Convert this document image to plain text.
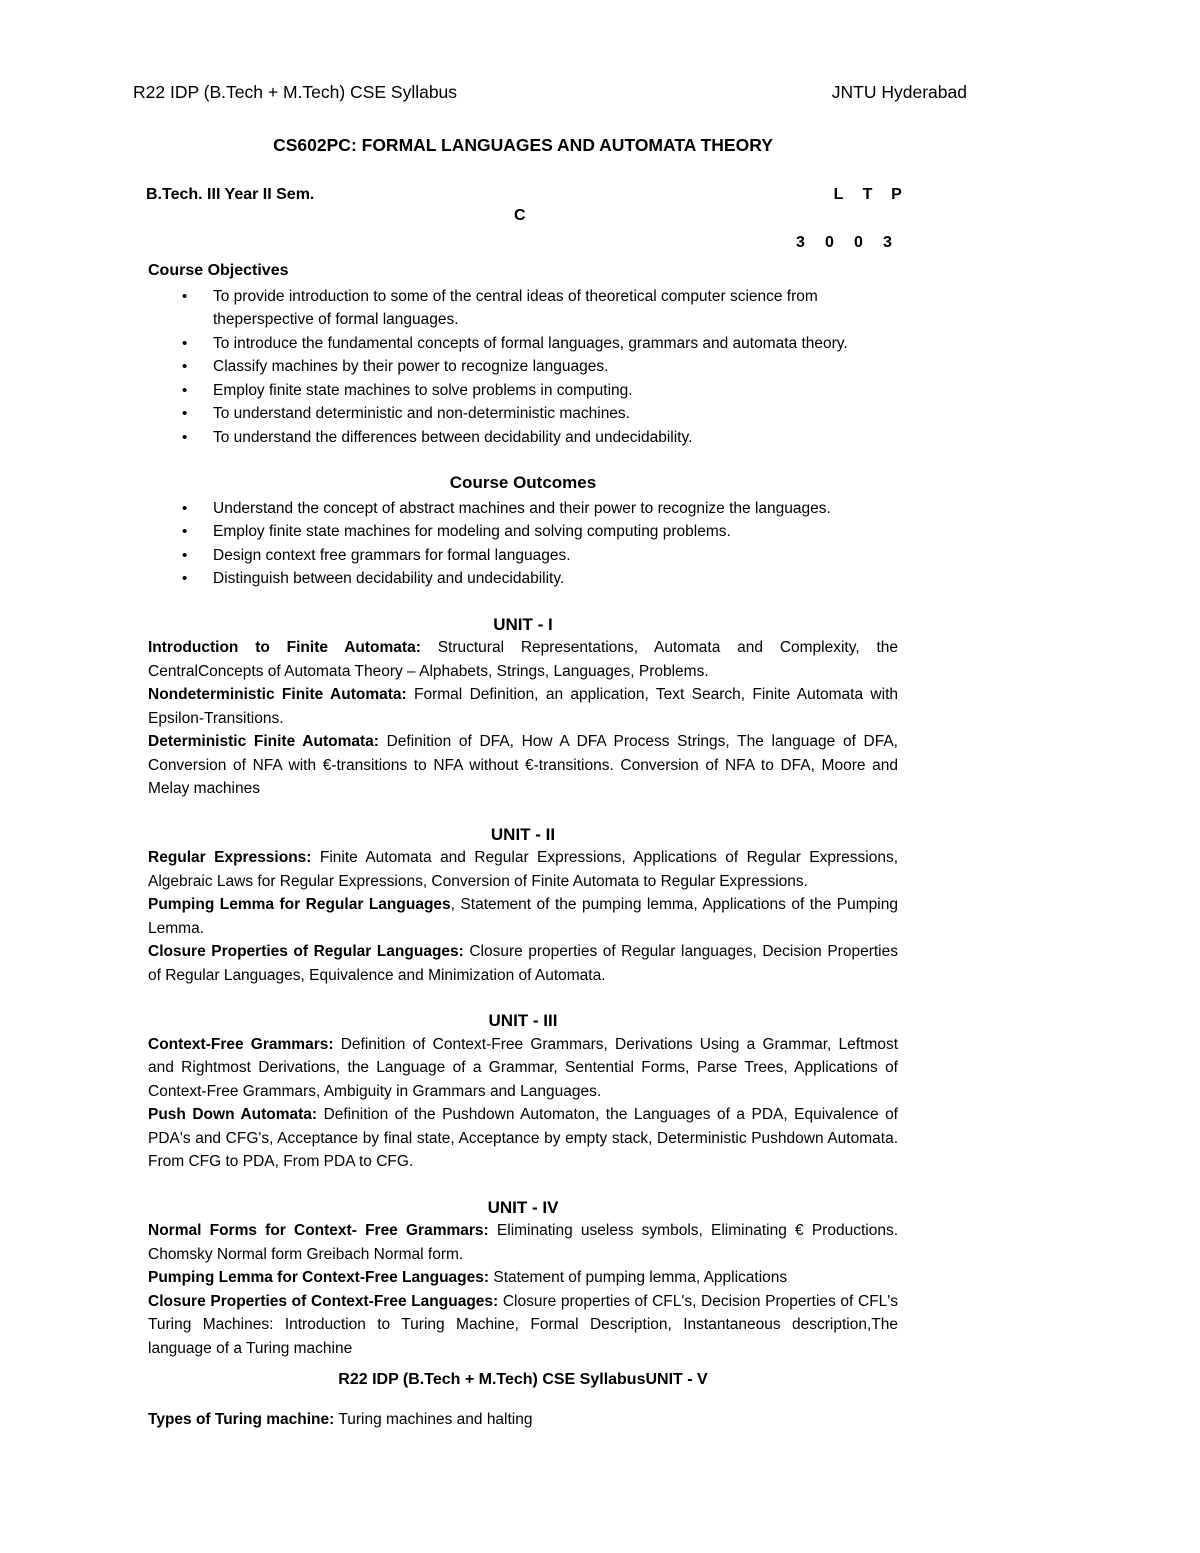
R22 IDP (B.Tech + M.Tech) CSE Syllabus	JNTU Hyderabad
CS602PC: FORMAL LANGUAGES AND AUTOMATA THEORY
B.Tech. III Year II Sem.	L T P
C
3 0 0 3

Course Objectives

• To provide introduction to some of the central ideas of theoretical computer science from theperspective of formal languages.
• To introduce the fundamental concepts of formal languages, grammars and automata theory.
• Classify machines by their power to recognize languages.
• Employ finite state machines to solve problems in computing.
• To understand deterministic and non-deterministic machines.
• To understand the differences between decidability and undecidability.

Course Outcomes

• Understand the concept of abstract machines and their power to recognize the languages.
• Employ finite state machines for modeling and solving computing problems.
• Design context free grammars for formal languages.
• Distinguish between decidability and undecidability.

UNIT - I

Introduction to Finite Automata: Structural Representations, Automata and Complexity, the CentralConcepts of Automata Theory – Alphabets, Strings, Languages, Problems.

Nondeterministic Finite Automata: Formal Definition, an application, Text Search, Finite Automata with Epsilon-Transitions.

Deterministic Finite Automata: Definition of DFA, How A DFA Process Strings, The language of DFA, Conversion of NFA with €-transitions to NFA without €-transitions. Conversion of NFA to DFA, Moore and Melay machines

UNIT - II

Regular Expressions: Finite Automata and Regular Expressions, Applications of Regular Expressions, Algebraic Laws for Regular Expressions, Conversion of Finite Automata to Regular Expressions.

Pumping Lemma for Regular Languages, Statement of the pumping lemma, Applications of the Pumping Lemma.

Closure Properties of Regular Languages: Closure properties of Regular languages, Decision Properties of Regular Languages, Equivalence and Minimization of Automata.

UNIT - III

Context-Free Grammars: Definition of Context-Free Grammars, Derivations Using a Grammar, Leftmost and Rightmost Derivations, the Language of a Grammar, Sentential Forms, Parse Trees, Applications of Context-Free Grammars, Ambiguity in Grammars and Languages.

Push Down Automata: Definition of the Pushdown Automaton, the Languages of a PDA, Equivalence of PDA's and CFG's, Acceptance by final state, Acceptance by empty stack, Deterministic Pushdown Automata. From CFG to PDA, From PDA to CFG.

UNIT - IV

Normal Forms for Context- Free Grammars: Eliminating useless symbols, Eliminating € Productions. Chomsky Normal form Greibach Normal form.

Pumping Lemma for Context-Free Languages: Statement of pumping lemma, Applications

Closure Properties of Context-Free Languages: Closure properties of CFL's, Decision Properties of CFL's Turing Machines: Introduction to Turing Machine, Formal Description, Instantaneous description,The language of a Turing machine

R22 IDP (B.Tech + M.Tech) CSE SyllabusUNIT - V

Types of Turing machine: Turing machines and halting
